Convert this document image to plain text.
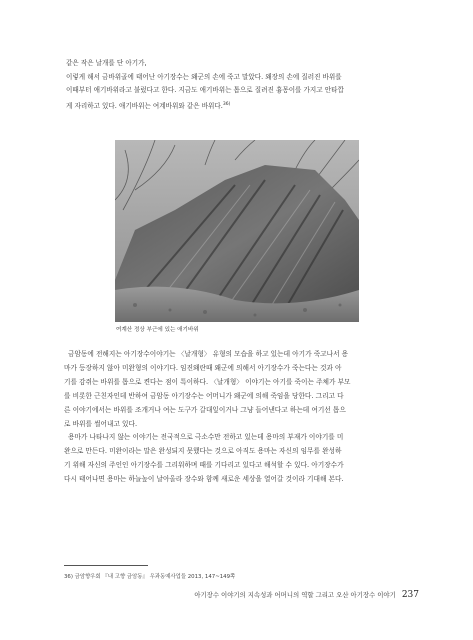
같은 작은 날개를 단 아기가,

이렇게 해서 금바위골에 태어난 아기장수는 왜군의 손에 죽고 말았다. 왜장의 손에 질러진 바위를

이때부터 애기바위라고 불렀다고 한다. 지금도 애기바위는 톱으로 질려진 흉몽이를 가지고 안타깝

게 자리하고 있다. 애기바위는 여계바위와 같은 바위다.$^{36)}$

여계산 정상 부근에 있는 애기바위

금암동에 전해지는 아기장수이야기는 〈날개형〉 유형의 모습을 하고 있는데 아기가 죽고나서 용

마가 등장하지 않아 미완형의 이야기다. 임진왜란때 왜군에 의해서 아기장수가 죽는다는 것과 아

기를 감쥐는 바위를 톱으로 켠다는 점이 특이하다. 〈날개형〉 이야기는 아기를 죽이는 주체가 부모

를 비롯한 근친자인데 반하여 금암동 아기장수는 어머니가 왜군에 의해 죽임을 당한다. 그리고 다

른 이야기에서는 바위를 조개거나 여는 도구가 갈대잎이거나 그냥 들어낸다고 하는데 여기선 톱으

로 바위를 썰어내고 있다.

용마가 나타나지 않는 이야기는 전국적으로 극소수만 전하고 있는데 용마의 부재가 이야기를 미

완으로 만든다. 미완이라는 말은 완성되지 못했다는 것으로 아직도 용마는 자신의 임무를 완성하

기 위해 자신의 주인인 아기장수를 그리워하며 때를 기다리고 있다고 해석할 수 있다. 아기장수가

다시 태어나면 용마는 하늘높이 날아올라 장수와 함께 새로운 세상을 열어갈 것이라 기대해 본다.

36) 금암향우회 『내 고향 금암동』 우과동예사업들 2013, 147~149쪽
아기장수 이야기의 지속성과 어머니의 역할 그리고 오산 아기장수 이야기 237
